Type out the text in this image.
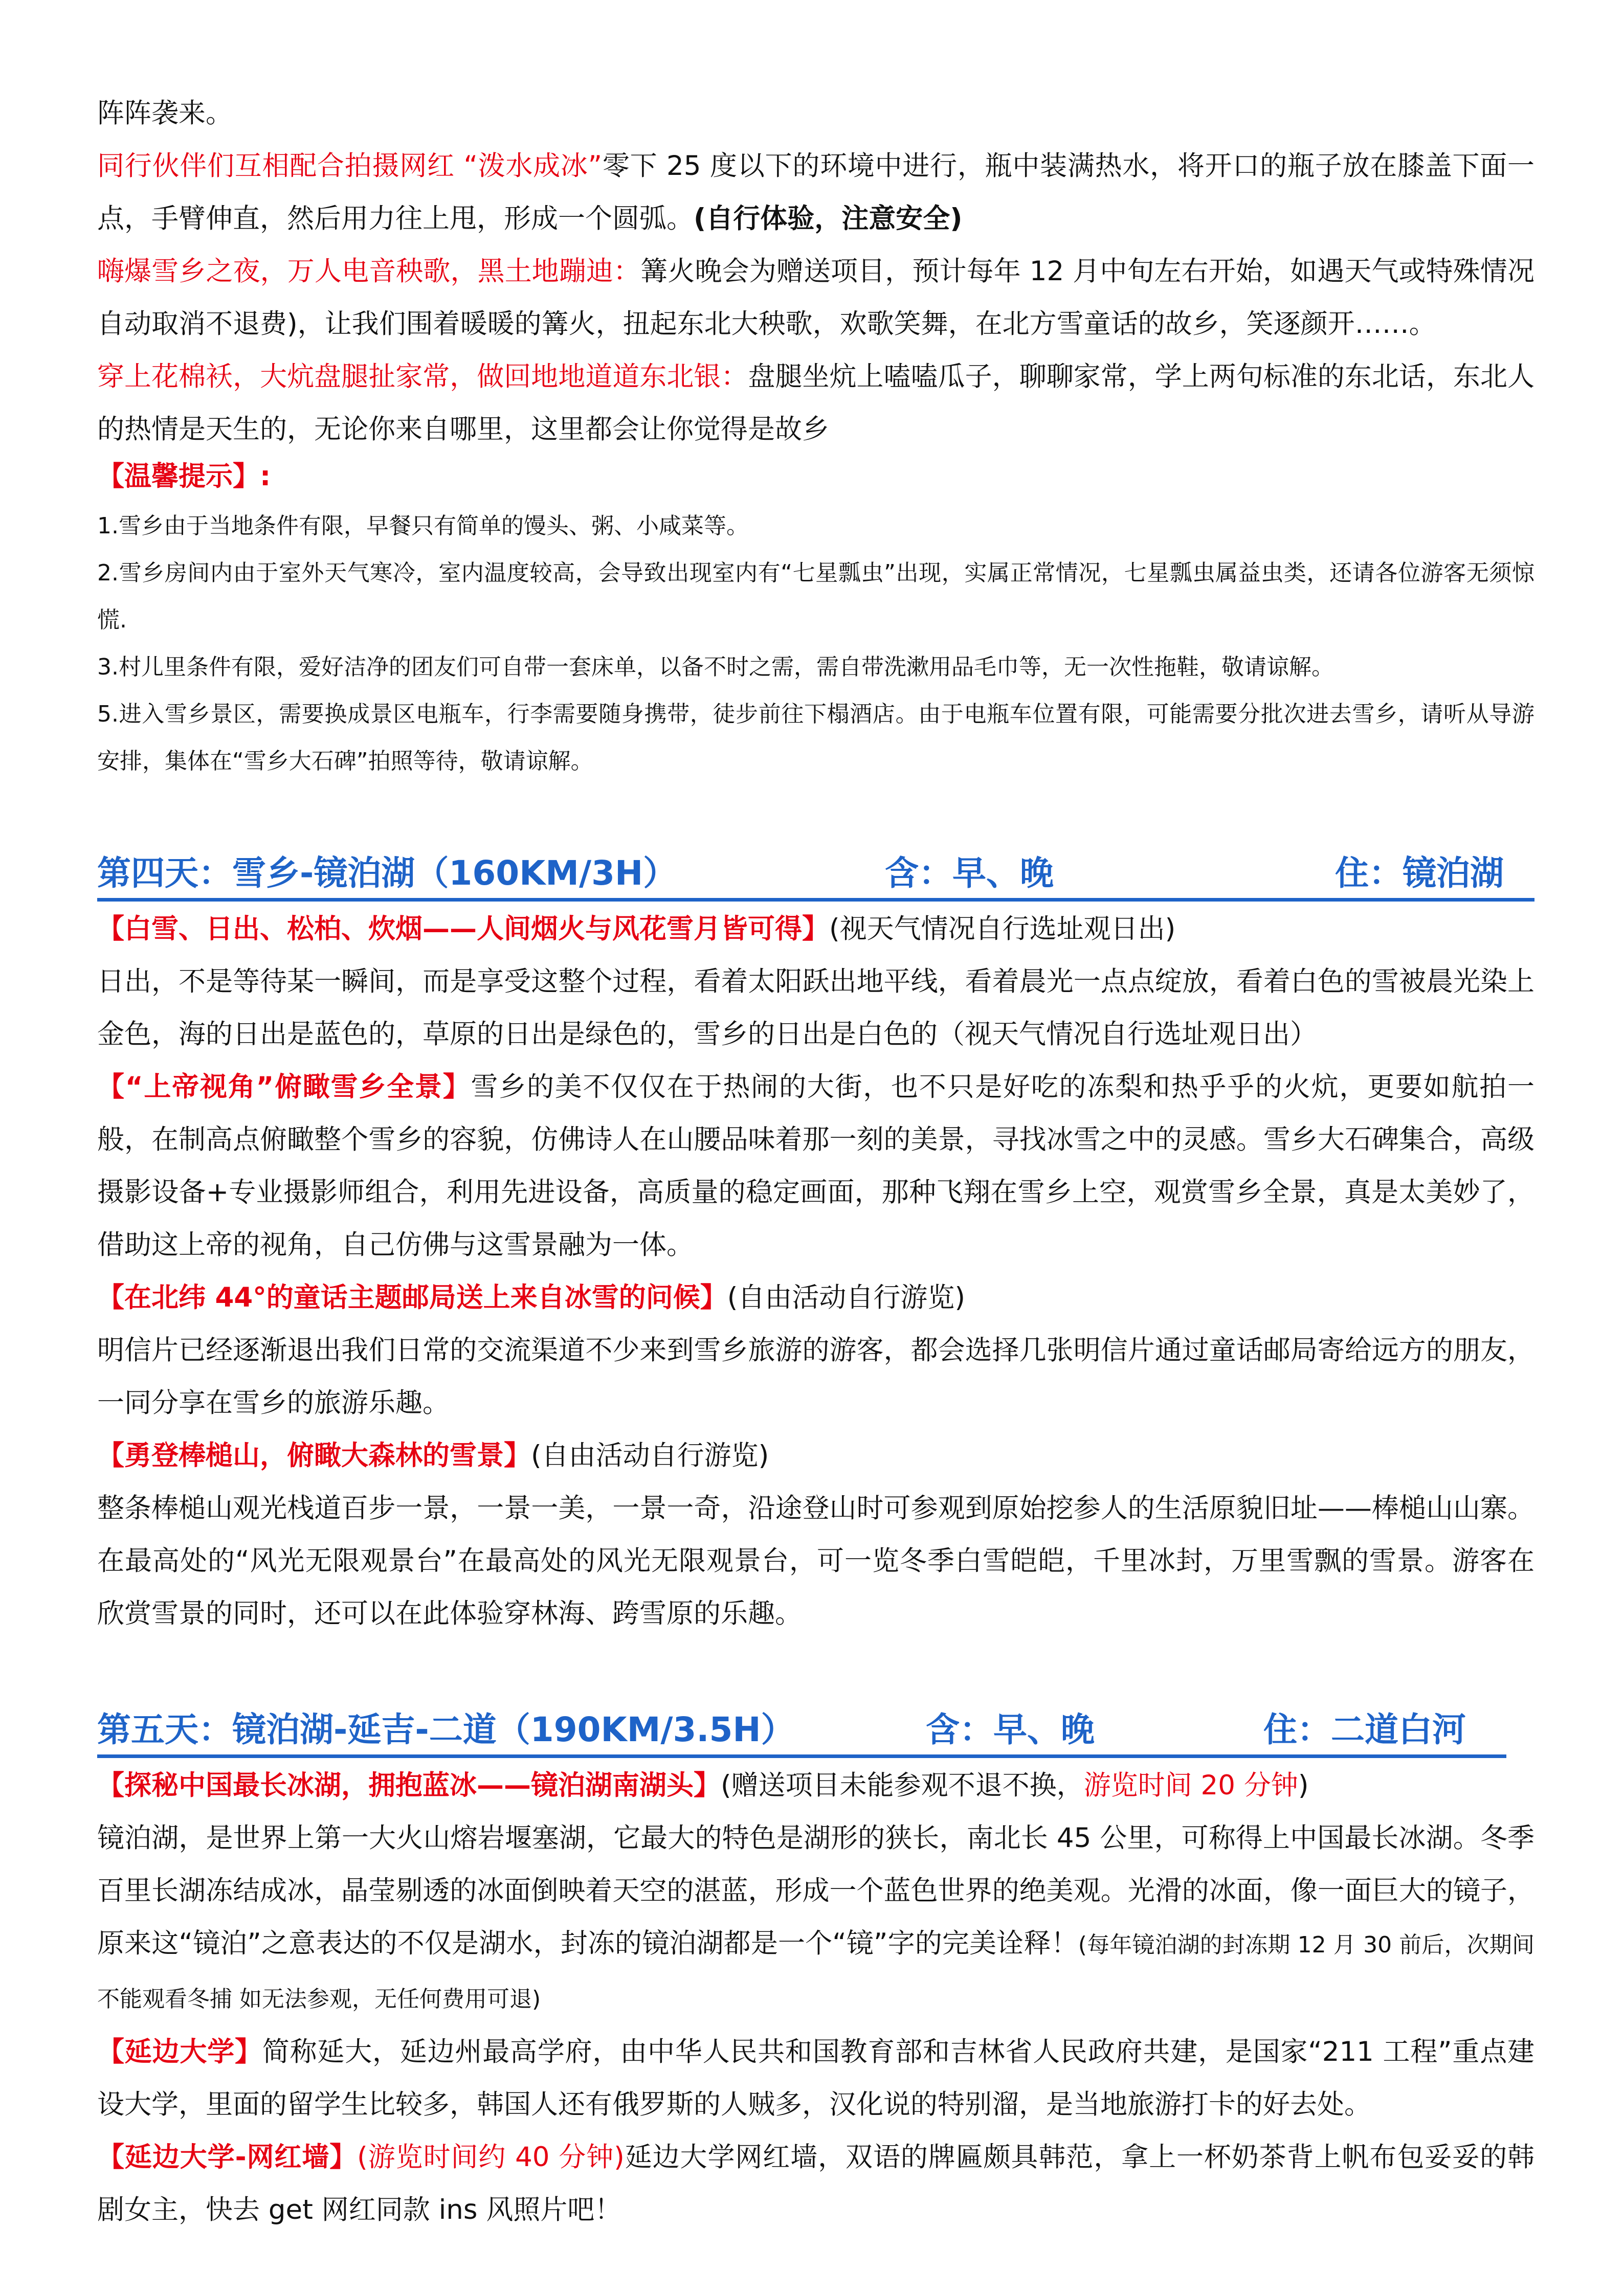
阵阵袭来。

同行伙伴们互相配合拍摄网红 “泼水成冰”零下 25 度以下的环境中进行，瓶中装满热水，将开口的瓶子放在膝盖下面一点，手臂伸直，然后用力往上甩，形成一个圆弧。(自行体验，注意安全)

嗨爆雪乡之夜，万人电音秧歌，黑土地蹦迪：篝火晚会为赠送项目，预计每年 12 月中旬左右开始，如遇天气或特殊情况自动取消不退费)，让我们围着暖暖的篝火，扭起东北大秧歌，欢歌笑舞，在北方雪童话的故乡，笑逐颜开……。

穿上花棉袄，大炕盘腿扯家常，做回地地道道东北银：盘腿坐炕上嗑嗑瓜子，聊聊家常，学上两句标准的东北话，东北人的热情是天生的，无论你来自哪里，这里都会让你觉得是故乡

【温馨提示】:

1.雪乡由于当地条件有限，早餐只有简单的馒头、粥、小咸菜等。

2.雪乡房间内由于室外天气寒冷，室内温度较高，会导致出现室内有“七星瓢虫”出现，实属正常情况，七星瓢虫属益虫类，还请各位游客无须惊慌.

3.村儿里条件有限，爱好洁净的团友们可自带一套床单，以备不时之需，需自带洗漱用品毛巾等，无一次性拖鞋，敬请谅解。

5.进入雪乡景区，需要换成景区电瓶车，行李需要随身携带，徒步前往下榻酒店。由于电瓶车位置有限，可能需要分批次进去雪乡，请听从导游安排，集体在“雪乡大石碑”拍照等待，敬请谅解。

第四天：雪乡-镜泊湖（160KM/3H）	含：早、晚	住：镜泊湖

【白雪、日出、松柏、炊烟——人间烟火与风花雪月皆可得】(视天气情况自行选址观日出)

日出，不是等待某一瞬间，而是享受这整个过程，看着太阳跃出地平线，看着晨光一点点绽放，看着白色的雪被晨光染上金色，海的日出是蓝色的，草原的日出是绿色的，雪乡的日出是白色的（视天气情况自行选址观日出）

【“上帝视角”俯瞰雪乡全景】雪乡的美不仅仅在于热闹的大街，也不只是好吃的冻梨和热乎乎的火炕，更要如航拍一般，在制高点俯瞰整个雪乡的容貌，仿佛诗人在山腰品味着那一刻的美景，寻找冰雪之中的灵感。雪乡大石碑集合，高级摄影设备+专业摄影师组合，利用先进设备，高质量的稳定画面，那种飞翔在雪乡上空，观赏雪乡全景，真是太美妙了，借助这上帝的视角，自己仿佛与这雪景融为一体。

【在北纬 44°的童话主题邮局送上来自冰雪的问候】(自由活动自行游览)

明信片已经逐渐退出我们日常的交流渠道不少来到雪乡旅游的游客，都会选择几张明信片通过童话邮局寄给远方的朋友，一同分享在雪乡的旅游乐趣。

【勇登棒槌山，俯瞰大森林的雪景】(自由活动自行游览)

整条棒槌山观光栈道百步一景，一景一美，一景一奇，沿途登山时可参观到原始挖参人的生活原貌旧址——棒槌山山寨。在最高处的“风光无限观景台”在最高处的风光无限观景台，可一览冬季白雪皑皑，千里冰封，万里雪飘的雪景。游客在欣赏雪景的同时，还可以在此体验穿林海、跨雪原的乐趣。

第五天：镜泊湖-延吉-二道（190KM/3.5H）	含：早、晚	住：二道白河

【探秘中国最长冰湖，拥抱蓝冰——镜泊湖南湖头】(赠送项目未能参观不退不换，游览时间 20 分钟)

镜泊湖，是世界上第一大火山熔岩堰塞湖，它最大的特色是湖形的狭长，南北长 45 公里，可称得上中国最长冰湖。冬季百里长湖冻结成冰，晶莹剔透的冰面倒映着天空的湛蓝，形成一个蓝色世界的绝美观。光滑的冰面，像一面巨大的镜子，原来这“镜泊”之意表达的不仅是湖水，封冻的镜泊湖都是一个“镜”字的完美诠释！(每年镜泊湖的封冻期 12 月 30 前后，次期间不能观看冬捕 如无法参观，无任何费用可退)

【延边大学】简称延大，延边州最高学府，由中华人民共和国教育部和吉林省人民政府共建，是国家“211 工程”重点建设大学，里面的留学生比较多，韩国人还有俄罗斯的人贼多，汉化说的特别溜，是当地旅游打卡的好去处。

【延边大学-网红墙】(游览时间约 40 分钟)延边大学网红墙，双语的牌匾颇具韩范，拿上一杯奶茶背上帆布包妥妥的韩剧女主，快去 get 网红同款 ins 风照片吧！
